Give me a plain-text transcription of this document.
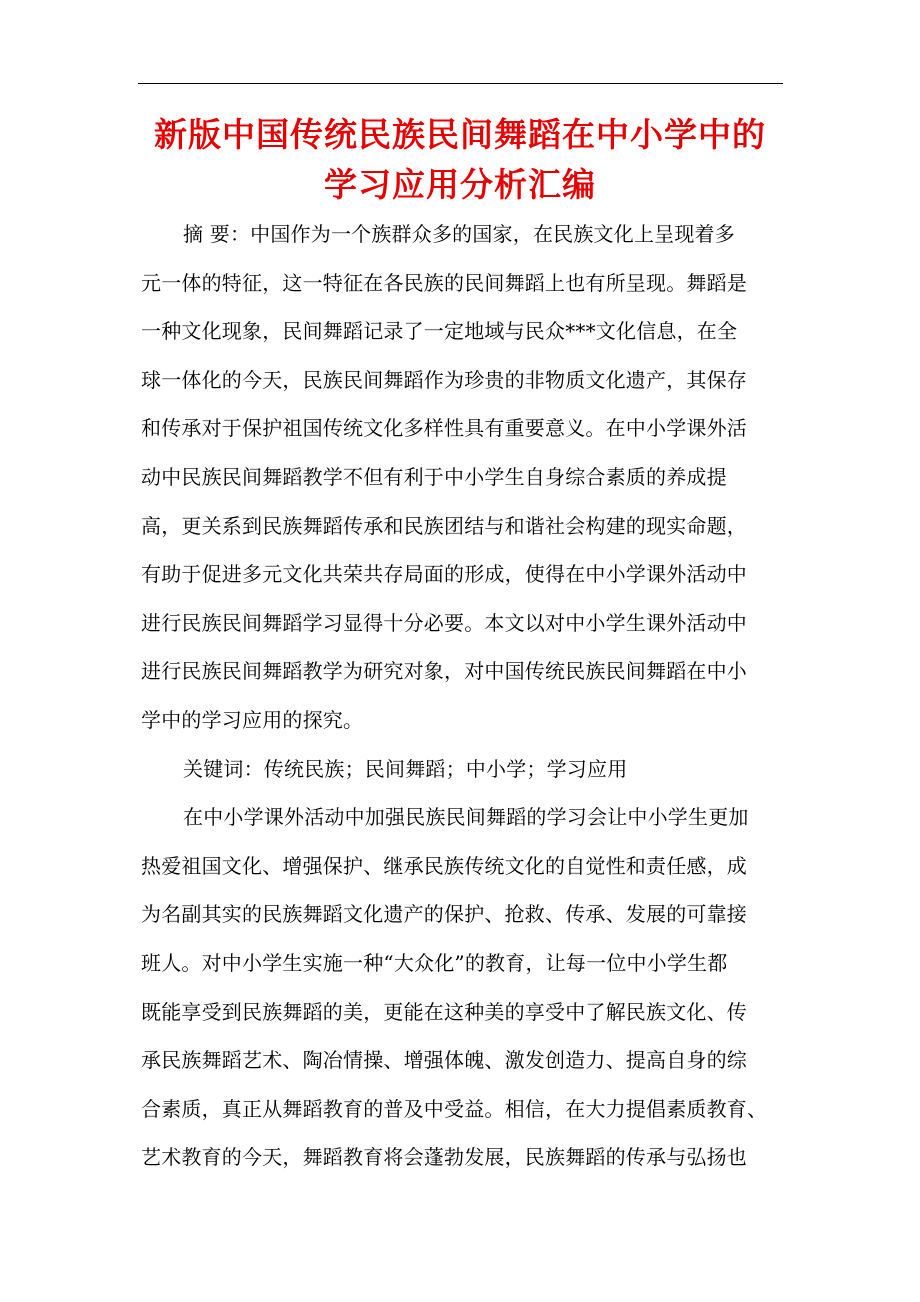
新版中国传统民族民间舞蹈在中小学中的
学习应用分析汇编
摘 要：中国作为一个族群众多的国家，在民族文化上呈现着多
元一体的特征，这一特征在各民族的民间舞蹈上也有所呈现。舞蹈是
一种文化现象，民间舞蹈记录了一定地域与民众***文化信息，在全
球一体化的今天，民族民间舞蹈作为珍贵的非物质文化遗产，其保存
和传承对于保护祖国传统文化多样性具有重要意义。在中小学课外活
动中民族民间舞蹈教学不但有利于中小学生自身综合素质的养成提
高，更关系到民族舞蹈传承和民族团结与和谐社会构建的现实命题，
有助于促进多元文化共荣共存局面的形成，使得在中小学课外活动中
进行民族民间舞蹈学习显得十分必要。本文以对中小学生课外活动中
进行民族民间舞蹈教学为研究对象，对中国传统民族民间舞蹈在中小
学中的学习应用的探究。
关键词：传统民族；民间舞蹈；中小学；学习应用
在中小学课外活动中加强民族民间舞蹈的学习会让中小学生更加
热爱祖国文化、增强保护、继承民族传统文化的自觉性和责任感，成
为名副其实的民族舞蹈文化遗产的保护、抢救、传承、发展的可靠接
班人。对中小学生实施一种“大众化”的教育，让每一位中小学生都
既能享受到民族舞蹈的美，更能在这种美的享受中了解民族文化、传
承民族舞蹈艺术、陶冶情操、增强体魄、激发创造力、提高自身的综
合素质，真正从舞蹈教育的普及中受益。相信，在大力提倡素质教育、
艺术教育的今天，舞蹈教育将会蓬勃发展，民族舞蹈的传承与弘扬也
